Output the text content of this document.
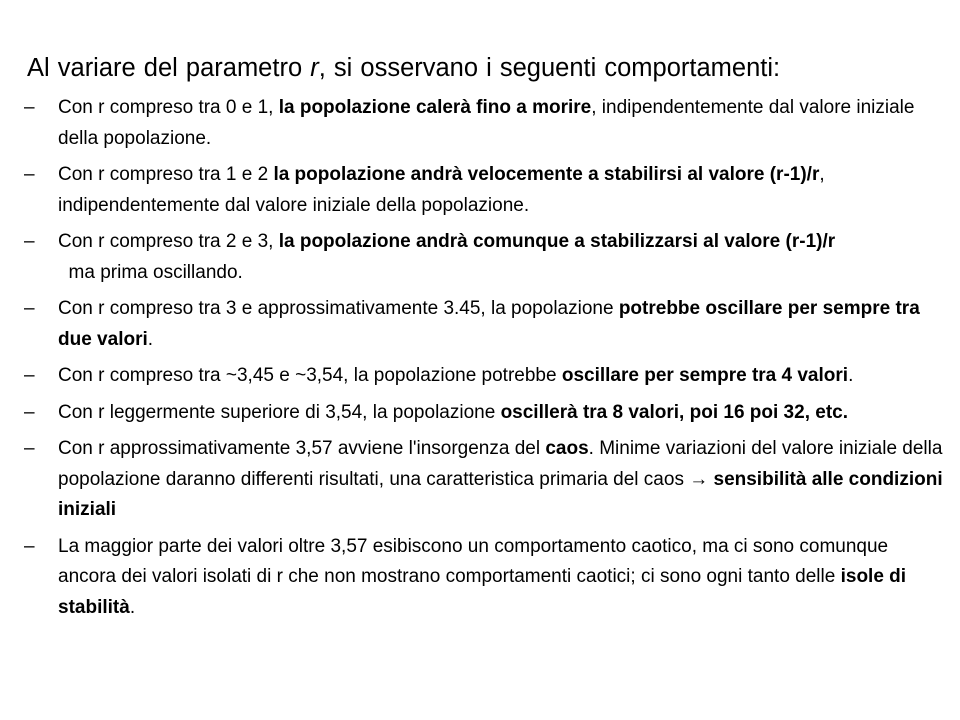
Al variare del parametro r, si osservano i seguenti comportamenti:
– Con r compreso tra 0 e 1, la popolazione calerà fino a morire, indipendentemente dal valore iniziale della popolazione.
– Con r compreso tra 1 e 2 la popolazione andrà velocemente a stabilirsi al valore (r-1)/r, indipendentemente dal valore iniziale della popolazione.
– Con r compreso tra 2 e 3, la popolazione andrà comunque a stabilizzarsi al valore (r-1)/r  ma prima oscillando.
– Con r compreso tra 3 e approssimativamente 3.45, la popolazione potrebbe oscillare per sempre tra due valori.
– Con r compreso tra ~3,45 e ~3,54, la popolazione potrebbe oscillare per sempre tra 4 valori.
– Con r leggermente superiore di 3,54, la popolazione oscillerà tra 8 valori, poi 16 poi 32, etc.
– Con r approssimativamente 3,57 avviene l'insorgenza del caos. Minime variazioni del valore iniziale della popolazione daranno differenti risultati, una caratteristica primaria del caos → sensibilità alle condizioni iniziali
– La maggior parte dei valori oltre 3,57 esibiscono un comportamento caotico, ma ci sono comunque ancora dei valori isolati di r che non mostrano comportamenti caotici; ci sono ogni tanto delle isole di stabilità.
